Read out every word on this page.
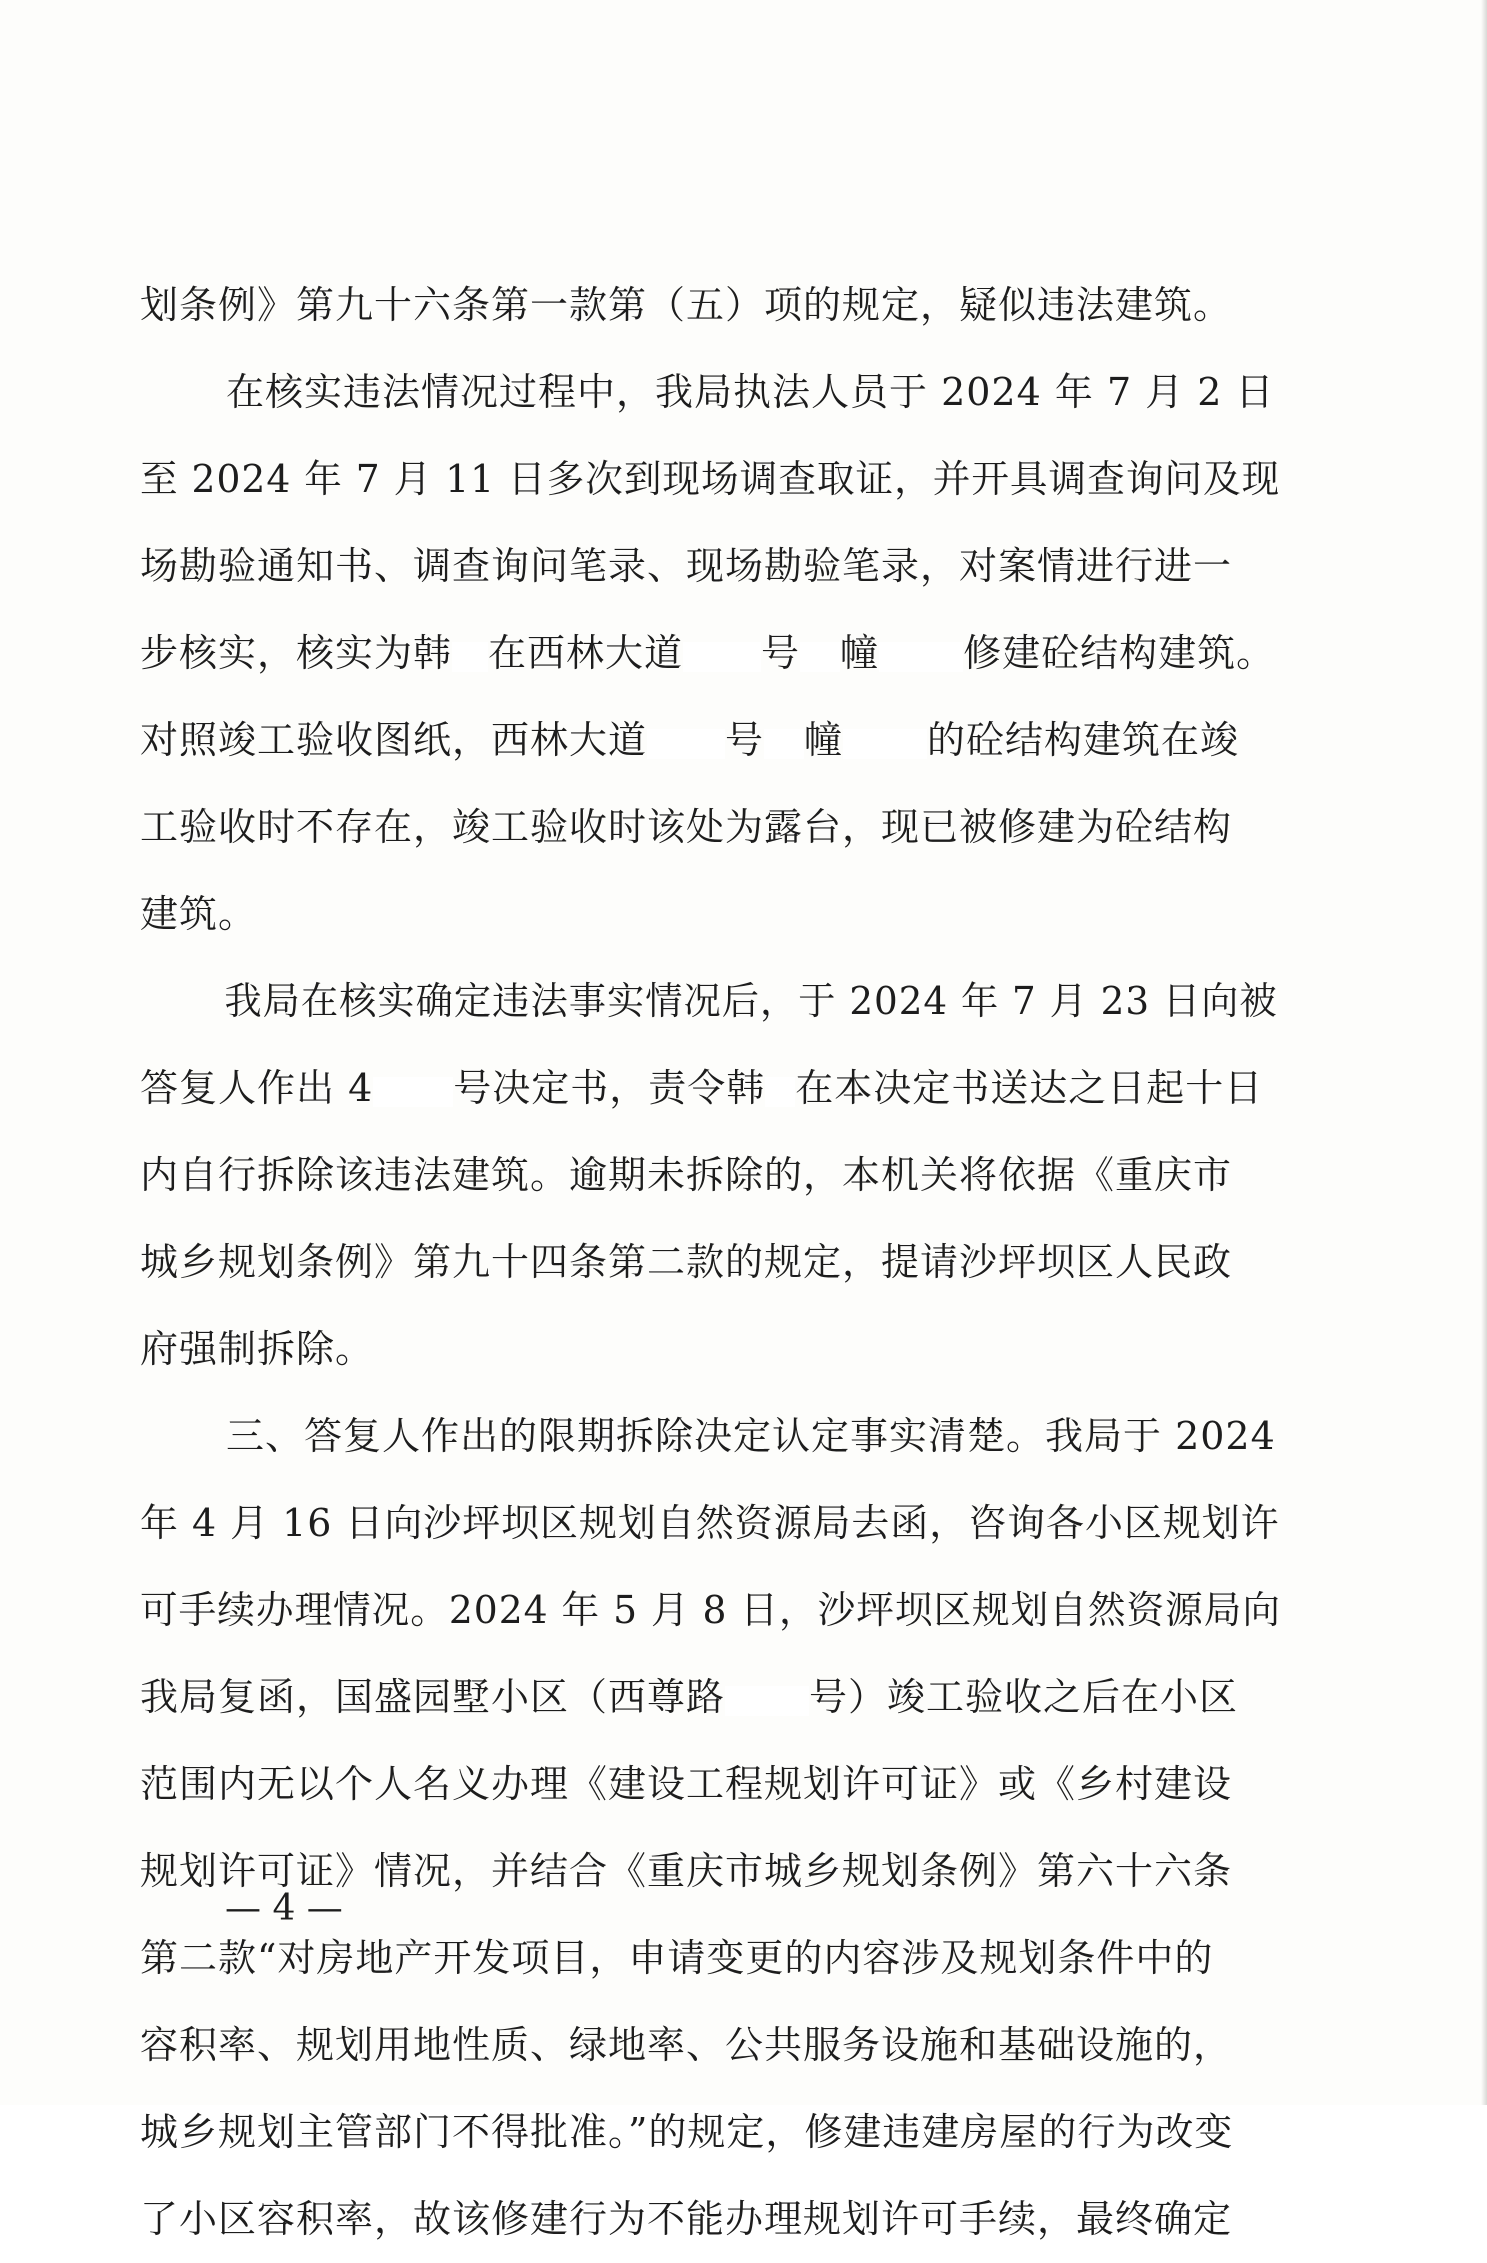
划条例》第九十六条第一款第（五）项的规定，疑似违法建筑。
在核实违法情况过程中，我局执法人员于 2024 年 7 月 2 日
至 2024 年 7 月 11 日多次到现场调查取证，并开具调查询问及现
场勘验通知书、调查询问笔录、现场勘验笔录，对案情进行进一
步核实，核实为韩 在西林大道 号 幢 修建砼结构建筑。
对照竣工验收图纸，西林大道 号 幢 的砼结构建筑在竣
工验收时不存在，竣工验收时该处为露台，现已被修建为砼结构
建筑。
我局在核实确定违法事实情况后，于 2024 年 7 月 23 日向被
答复人作出 4 号决定书，责令韩 在本决定书送达之日起十日
内自行拆除该违法建筑。逾期未拆除的，本机关将依据《重庆市
城乡规划条例》第九十四条第二款的规定，提请沙坪坝区人民政
府强制拆除。
三、答复人作出的限期拆除决定认定事实清楚。我局于 2024
年 4 月 16 日向沙坪坝区规划自然资源局去函，咨询各小区规划许
可手续办理情况。2024 年 5 月 8 日，沙坪坝区规划自然资源局向
我局复函，国盛园墅小区（西尊路 号）竣工验收之后在小区
范围内无以个人名义办理《建设工程规划许可证》或《乡村建设
规划许可证》情况，并结合《重庆市城乡规划条例》第六十六条
第二款“对房地产开发项目，申请变更的内容涉及规划条件中的
容积率、规划用地性质、绿地率、公共服务设施和基础设施的，
城乡规划主管部门不得批准。”的规定，修建违建房屋的行为改变
了小区容积率，故该修建行为不能办理规划许可手续，最终确定
— 4 —
